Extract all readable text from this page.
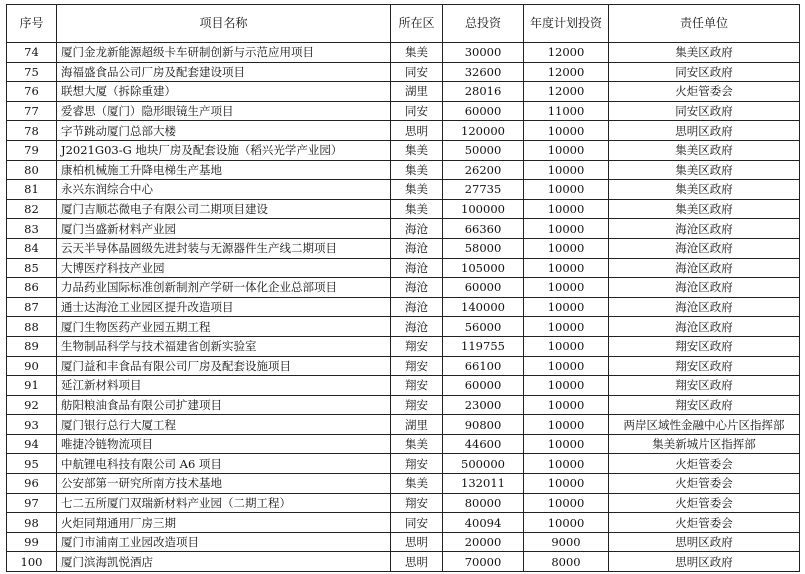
序号	项目名称	所在区	总投资	年度计划投资	责任单位
74	厦门金龙新能源超级卡车研制创新与示范应用项目	集美	30000	12000	集美区政府
75	海福盛食品公司厂房及配套建设项目	同安	32600	12000	同安区政府
76	联想大厦（拆除重建）	湖里	28016	12000	火炬管委会
77	爱睿思（厦门）隐形眼镜生产项目	同安	60000	11000	同安区政府
78	字节跳动厦门总部大楼	思明	120000	10000	思明区政府
79	J2021G03-G 地块厂房及配套设施（稻兴光学产业园）	集美	50000	10000	集美区政府
80	康柏机械施工升降电梯生产基地	集美	26200	10000	集美区政府
81	永兴东润综合中心	集美	27735	10000	集美区政府
82	厦门吉顺芯微电子有限公司二期项目建设	集美	100000	10000	集美区政府
83	厦门当盛新材料产业园	海沧	66360	10000	海沧区政府
84	云天半导体晶圆级先进封装与无源器件生产线二期项目	海沧	58000	10000	海沧区政府
85	大博医疗科技产业园	海沧	105000	10000	海沧区政府
86	力品药业国际标准创新制剂产学研一体化企业总部项目	海沧	60000	10000	海沧区政府
87	通士达海沧工业园区提升改造项目	海沧	140000	10000	海沧区政府
88	厦门生物医药产业园五期工程	海沧	56000	10000	海沧区政府
89	生物制品科学与技术福建省创新实验室	翔安	119755	10000	翔安区政府
90	厦门益和丰食品有限公司厂房及配套设施项目	翔安	66100	10000	翔安区政府
91	延江新材料项目	翔安	60000	10000	翔安区政府
92	舫阳粮油食品有限公司扩建项目	翔安	23000	10000	翔安区政府
93	厦门银行总行大厦工程	湖里	90800	10000	两岸区域性金融中心片区指挥部
94	唯捷冷链物流项目	集美	44600	10000	集美新城片区指挥部
95	中航锂电科技有限公司 A6 项目	翔安	500000	10000	火炬管委会
96	公安部第一研究所南方技术基地	集美	132011	10000	火炬管委会
97	七二五所厦门双瑞新材料产业园（二期工程）	翔安	80000	10000	火炬管委会
98	火炬同翔通用厂房三期	同安	40094	10000	火炬管委会
99	厦门市浦南工业园改造项目	思明	20000	9000	思明区政府
100	厦门滨海凯悦酒店	思明	70000	8000	思明区政府
